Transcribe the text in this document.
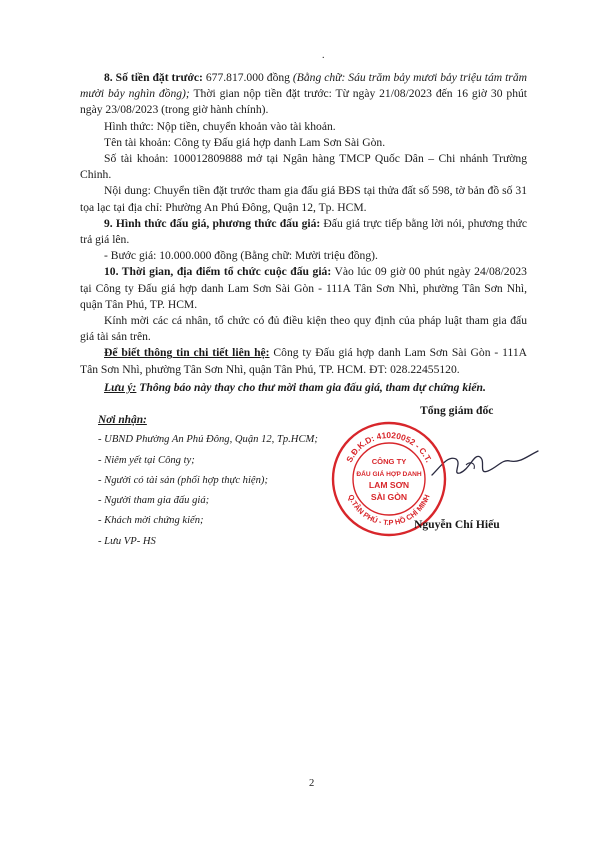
.

8. Số tiền đặt trước: 677.817.000 đồng (Bằng chữ: Sáu trăm bảy mươi bảy triệu tám trăm mười bảy nghìn đồng); Thời gian nộp tiền đặt trước: Từ ngày 21/08/2023 đến 16 giờ 30 phút ngày 23/08/2023 (trong giờ hành chính).

Hình thức: Nộp tiền, chuyển khoản vào tài khoản.

Tên tài khoản: Công ty Đấu giá hợp danh Lam Sơn Sài Gòn.

Số tài khoản: 100012809888 mở tại Ngân hàng TMCP Quốc Dân – Chi nhánh Trường Chinh.

Nội dung: Chuyển tiền đặt trước tham gia đấu giá BĐS tại thửa đất số 598, tờ bản đồ số 31 tọa lạc tại địa chỉ: Phường An Phú Đông, Quận 12, Tp. HCM.

9. Hình thức đấu giá, phương thức đấu giá: Đấu giá trực tiếp bằng lời nói, phương thức trả giá lên.

- Bước giá: 10.000.000 đồng (Bằng chữ: Mười triệu đồng).

10. Thời gian, địa điểm tổ chức cuộc đấu giá: Vào lúc 09 giờ 00 phút ngày 24/08/2023 tại Công ty Đấu giá hợp danh Lam Sơn Sài Gòn - 111A Tân Sơn Nhì, phường Tân Sơn Nhì, quận Tân Phú, TP. HCM.

Kính mời các cá nhân, tổ chức có đủ điều kiện theo quy định của pháp luật tham gia đấu giá tài sản trên.

Để biết thông tin chi tiết liên hệ: Công ty Đấu giá hợp danh Lam Sơn Sài Gòn - 111A Tân Sơn Nhì, phường Tân Sơn Nhì, quận Tân Phú, TP. HCM. ĐT: 028.22455120.

Lưu ý: Thông báo này thay cho thư mời tham gia đấu giá, tham dự chứng kiến.

Nơi nhận:
- UBND Phường An Phú Đông, Quận 12, Tp.HCM;
- Niêm yết tại Công ty;
- Người có tài sản (phối hợp thực hiện);
- Người tham gia đấu giá;
- Khách mời chứng kiến;
- Lưu VP- HS
Tổng giám đốc
S.Đ.K.D: 41020052 - C.T.
Q.TÂN PHÚ - T.P HỒ CHÍ MINH
CÔNG TY
ĐẤU GIÁ HỢP DANH
LAM SƠN
SÀI GÒN
Nguyễn Chí Hiếu
2
